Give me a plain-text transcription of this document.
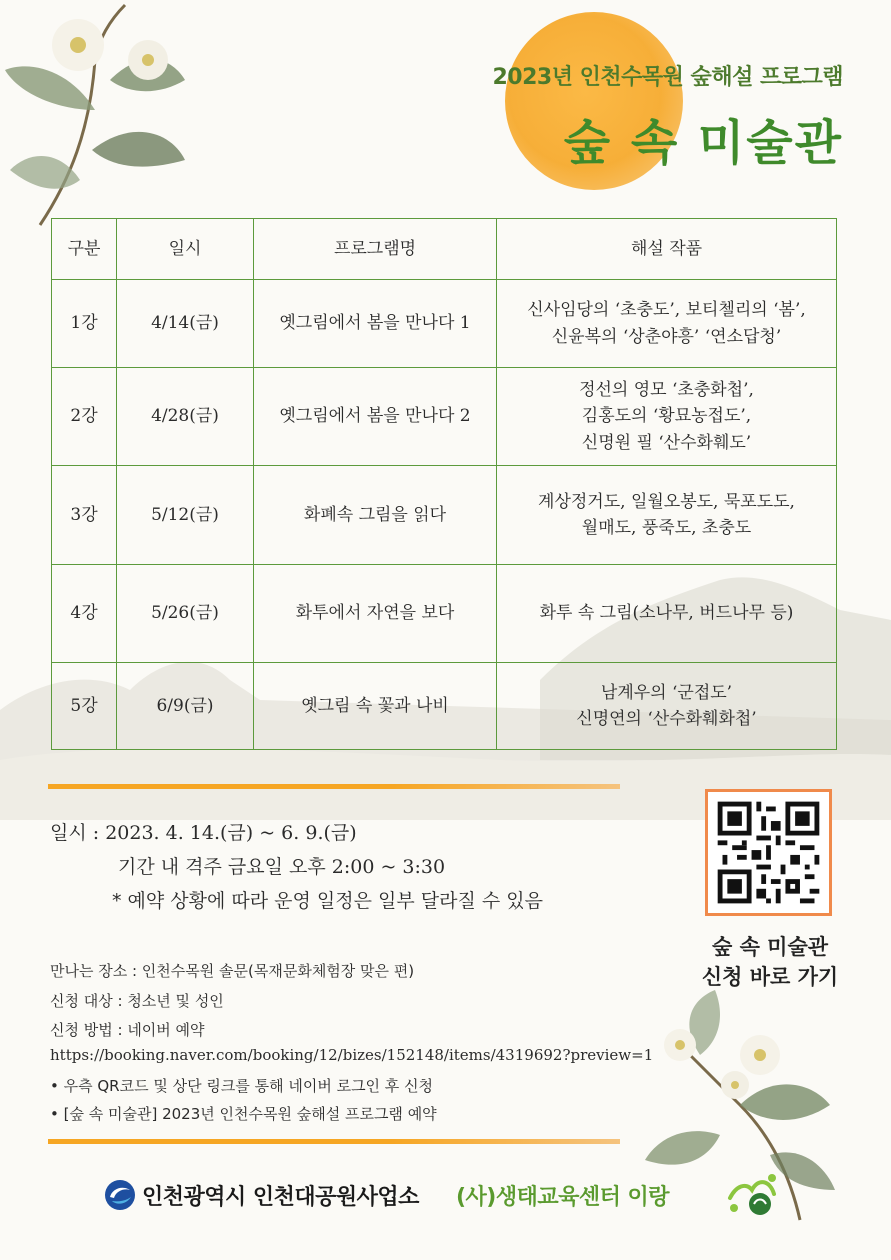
2023년 인천수목원 숲해설 프로그램
숲 속 미술관
구분	일시	프로그램명	해설 작품
1강	4/14(금)	옛그림에서 봄을 만나다 1	신사임당의 ‘초충도’, 보티첼리의 ‘봄’,
신윤복의 ‘상춘야흥’ ‘연소답청’

2강	4/28(금)	옛그림에서 봄을 만나다 2	정선의 영모 ‘초충화첩’,
김홍도의 ‘황묘농접도’,
신명원 필 ‘산수화훼도’

3강	5/12(금)	화폐속 그림을 읽다	계상정거도, 일월오봉도, 묵포도도,
월매도, 풍죽도, 초충도

4강	5/26(금)	화투에서 자연을 보다	화투 속 그림(소나무, 버드나무 등)

5강	6/9(금)	옛그림 속 꽃과 나비	남계우의 ‘군접도’
신명연의 ‘산수화훼화첩’
일시 : 2023. 4. 14.(금) ~ 6. 9.(금)
기간 내 격주 금요일 오후 2:00 ~ 3:30
* 예약 상황에 따라 운영 일정은 일부 달라질 수 있음
만나는 장소 : 인천수목원 솔문(목재문화체험장 맞은 편)
신청 대상 : 청소년 및 성인
신청 방법 : 네이버 예약
https://booking.naver.com/booking/12/bizes/152148/items/4319692?preview=1
• 우측 QR코드 및 상단 링크를 통해 네이버 로그인 후 신청
• [숲 속 미술관] 2023년 인천수목원 숲해설 프로그램 예약
숲 속 미술관
신청 바로 가기
인천광역시 인천대공원사업소 (사)생태교육센터 이랑
